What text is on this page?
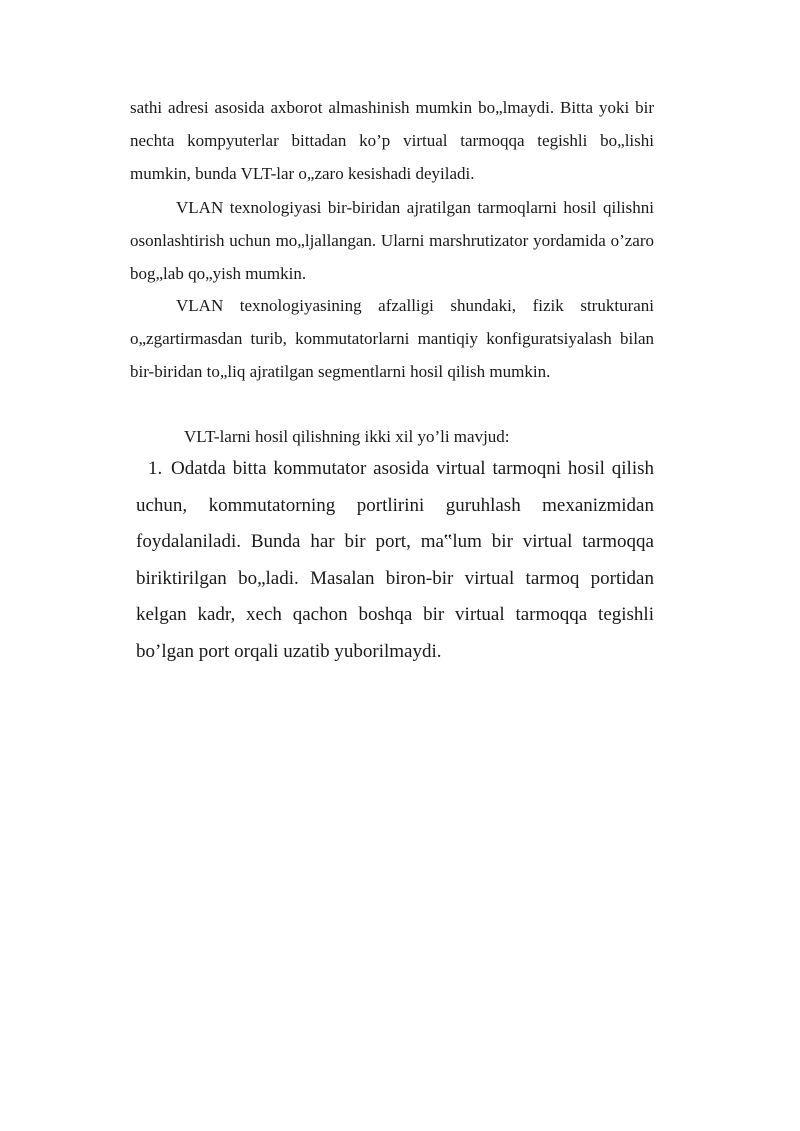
sathi adresi asosida axborot almashinish mumkin bo„lmaydi. Bitta yoki bir nechta kompyuterlar bittadan ko’p virtual tarmoqqa tegishli bo„lishi mumkin, bunda VLT-lar o„zaro kesishadi deyiladi.

VLAN texnologiyasi bir-biridan ajratilgan tarmoqlarni hosil qilishni osonlashtirish uchun mo„ljallangan. Ularni marshrutizator yordamida o’zaro bog„lab qo„yish mumkin.

VLAN texnologiyasining afzalligi shundaki, fizik strukturani o„zgartirmasdan turib, kommutatorlarni mantiqiy konfiguratsiyalash bilan bir-biridan to„liq ajratilgan segmentlarni hosil qilish mumkin.

VLT-larni hosil qilishning ikki xil yo’li mavjud:

1. Odatda bitta kommutator asosida virtual tarmoqni hosil qilish uchun, kommutatorning portlirini guruhlash mexanizmidan foydalaniladi. Bunda har bir port, ma‟lum bir virtual tarmoqqa biriktirilgan bo„ladi. Masalan biron-bir virtual tarmoq portidan kelgan kadr, xech qachon boshqa bir virtual tarmoqqa tegishli bo’lgan port orqali uzatib yuborilmaydi.
